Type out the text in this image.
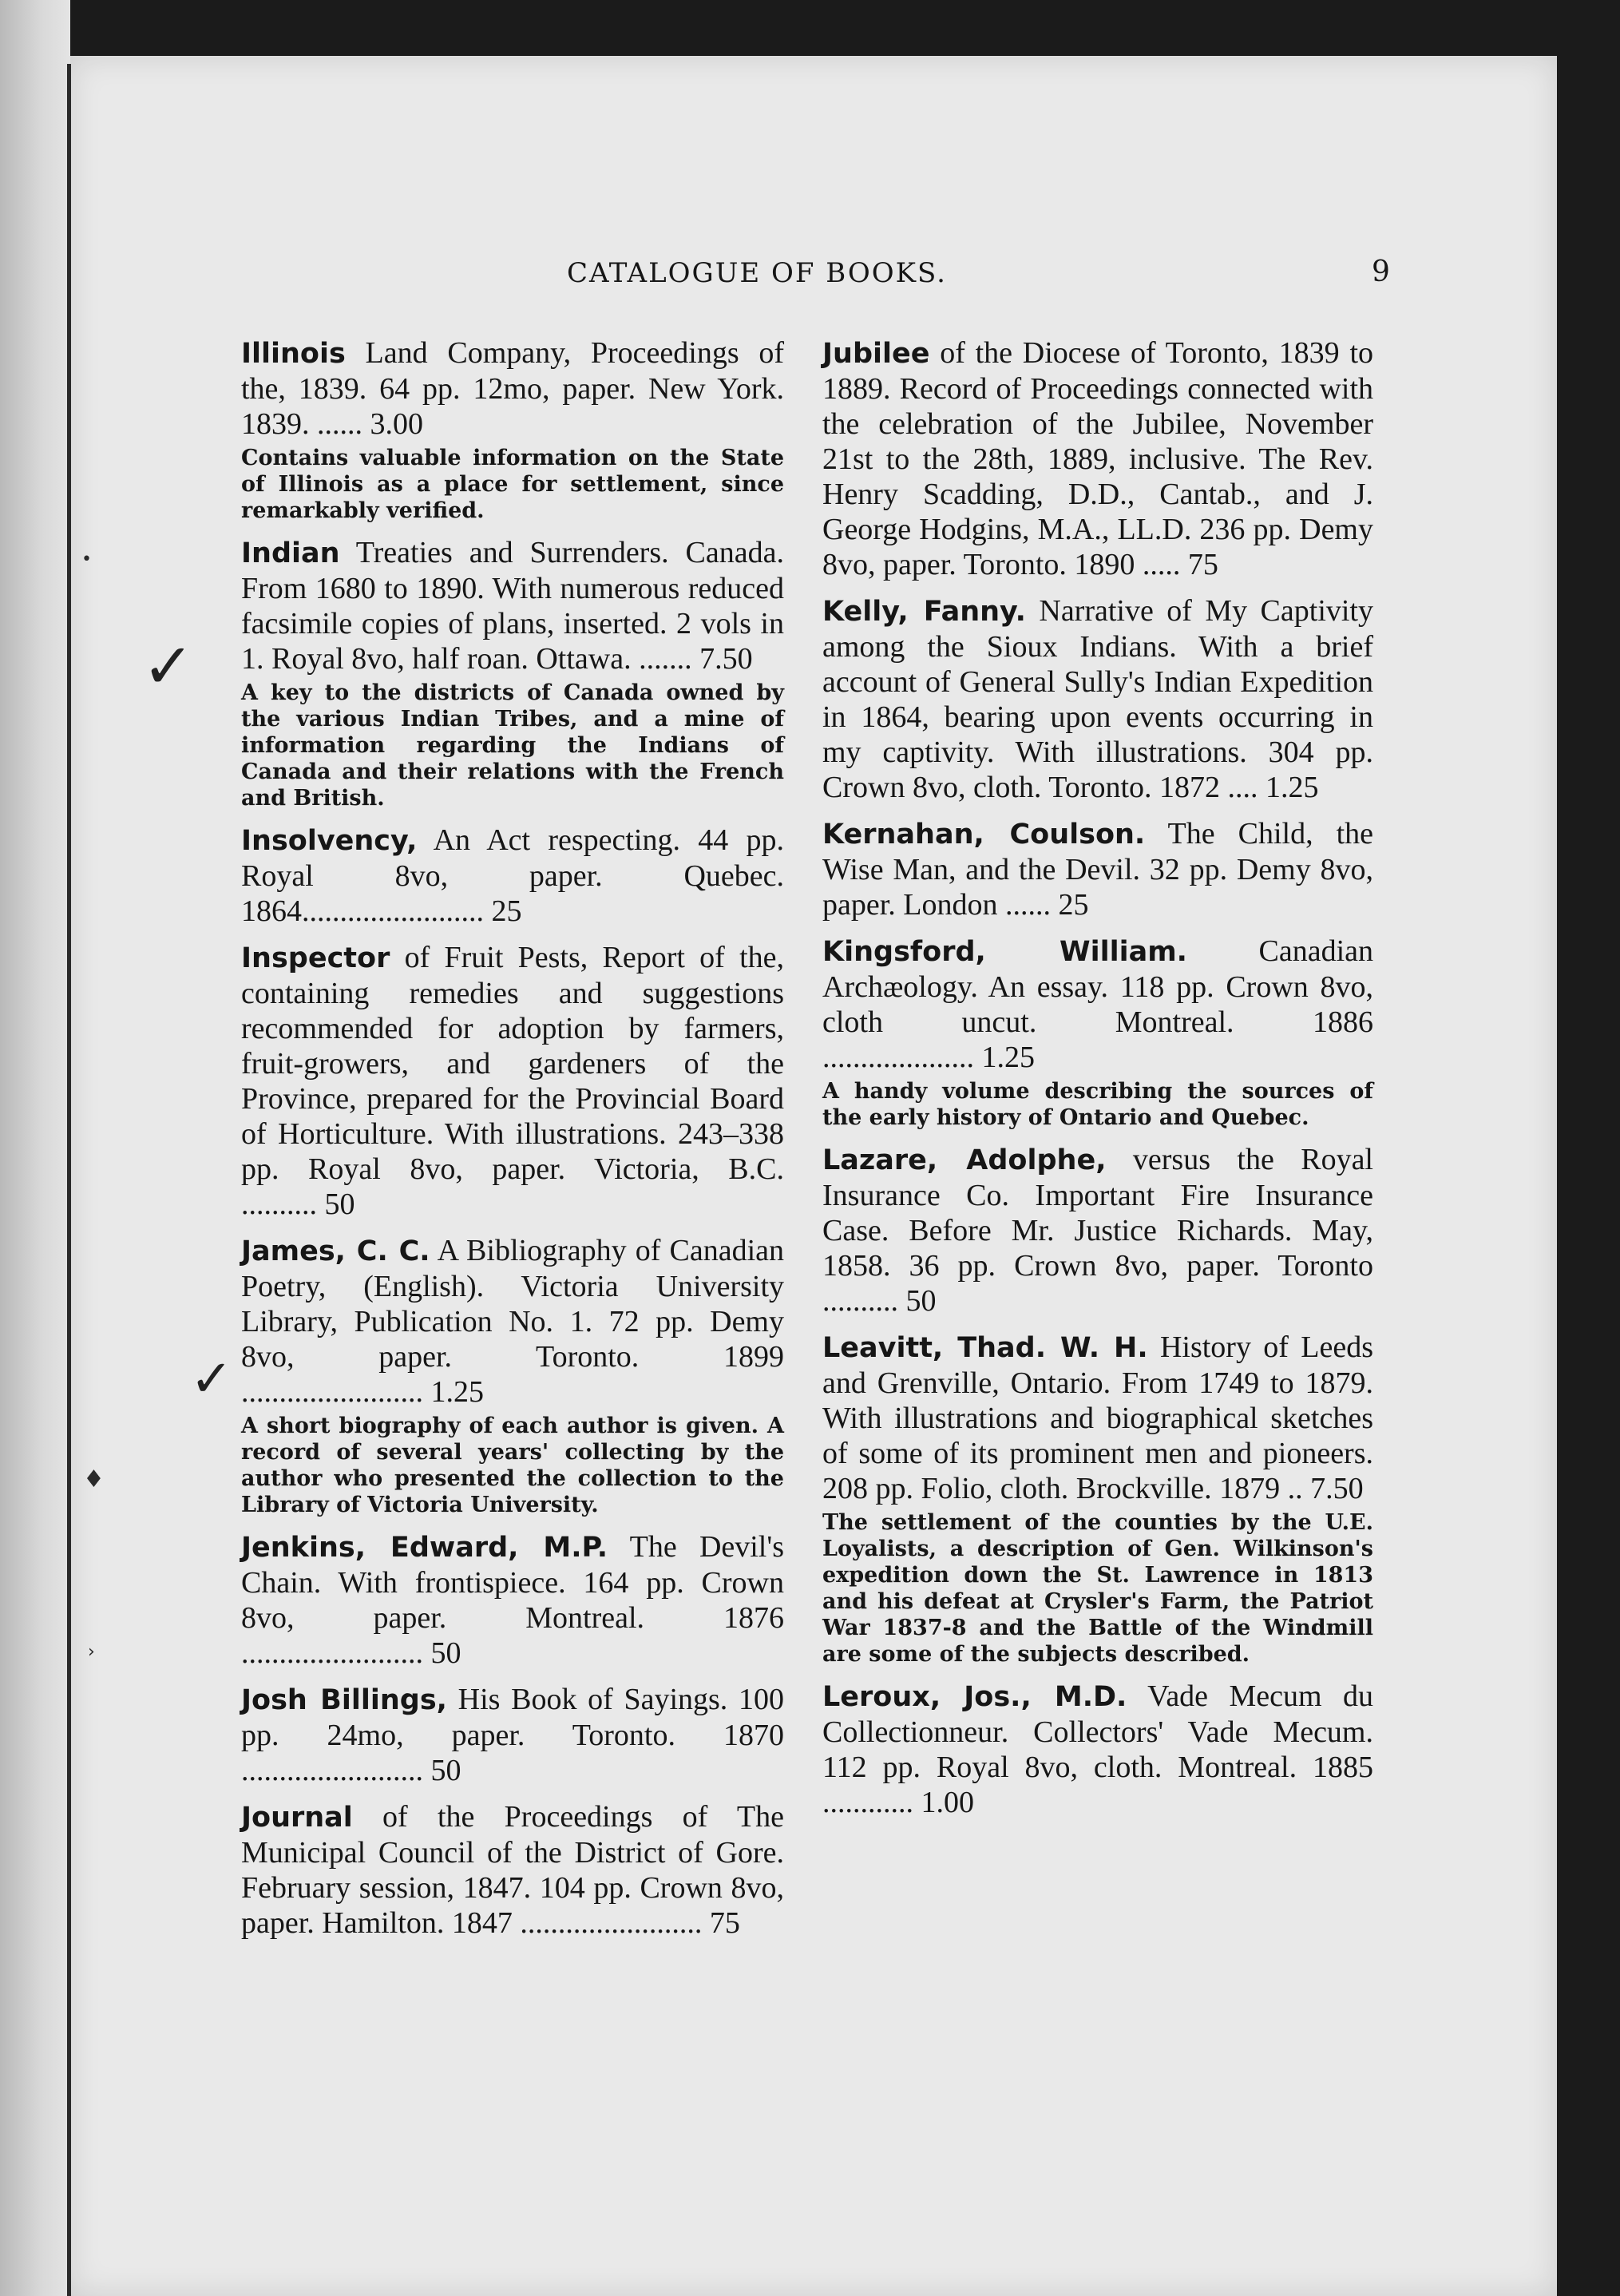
•
♦
›
CATALOGUE OF BOOKS.	9
✓
✓
Illinois Land Company, Proceedings of the, 1839. 64 pp. 12mo, paper. New York. 1839. ...... 3.00
Contains valuable information on the State of Illinois as a place for settlement, since remarkably verified.
Indian Treaties and Surrenders. Canada. From 1680 to 1890. With numerous reduced facsimile copies of plans, inserted. 2 vols in 1. Royal 8vo, half roan. Ottawa. ....... 7.50
A key to the districts of Canada owned by the various Indian Tribes, and a mine of information regarding the Indians of Canada and their relations with the French and British.
Insolvency, An Act respecting. 44 pp. Royal 8vo, paper. Quebec. 1864........................ 25
Inspector of Fruit Pests, Report of the, containing remedies and suggestions recommended for adoption by farmers, fruit-growers, and gardeners of the Province, prepared for the Provincial Board of Horticulture. With illustrations. 243–338 pp. Royal 8vo, paper. Victoria, B.C. .......... 50
James, C. C. A Bibliography of Canadian Poetry, (English). Victoria University Library, Publication No. 1. 72 pp. Demy 8vo, paper. Toronto. 1899 ........................ 1.25
A short biography of each author is given. A record of several years' collecting by the author who presented the collection to the Library of Victoria University.
Jenkins, Edward, M.P. The Devil's Chain. With frontispiece. 164 pp. Crown 8vo, paper. Montreal. 1876 ........................ 50
Josh Billings, His Book of Sayings. 100 pp. 24mo, paper. Toronto. 1870 ........................ 50
Journal of the Proceedings of The Municipal Council of the District of Gore. February session, 1847. 104 pp. Crown 8vo, paper. Hamilton. 1847 ........................ 75
Jubilee of the Diocese of Toronto, 1839 to 1889. Record of Proceedings connected with the celebration of the Jubilee, November 21st to the 28th, 1889, inclusive. The Rev. Henry Scadding, D.D., Cantab., and J. George Hodgins, M.A., LL.D. 236 pp. Demy 8vo, paper. Toronto. 1890 ..... 75
Kelly, Fanny. Narrative of My Captivity among the Sioux Indians. With a brief account of General Sully's Indian Expedition in 1864, bearing upon events occurring in my captivity. With illustrations. 304 pp. Crown 8vo, cloth. Toronto. 1872 .... 1.25
Kernahan, Coulson. The Child, the Wise Man, and the Devil. 32 pp. Demy 8vo, paper. London ...... 25
Kingsford, William. Canadian Archæology. An essay. 118 pp. Crown 8vo, cloth uncut. Montreal. 1886 .................... 1.25
A handy volume describing the sources of the early history of Ontario and Quebec.
Lazare, Adolphe, versus the Royal Insurance Co. Important Fire Insurance Case. Before Mr. Justice Richards. May, 1858. 36 pp. Crown 8vo, paper. Toronto .......... 50
Leavitt, Thad. W. H. History of Leeds and Grenville, Ontario. From 1749 to 1879. With illustrations and biographical sketches of some of its prominent men and pioneers. 208 pp. Folio, cloth. Brockville. 1879 .. 7.50
The settlement of the counties by the U.E. Loyalists, a description of Gen. Wilkinson's expedition down the St. Lawrence in 1813 and his defeat at Crysler's Farm, the Patriot War 1837-8 and the Battle of the Windmill are some of the subjects described.
Leroux, Jos., M.D. Vade Mecum du Collectionneur. Collectors' Vade Mecum. 112 pp. Royal 8vo, cloth. Montreal. 1885 ............ 1.00
